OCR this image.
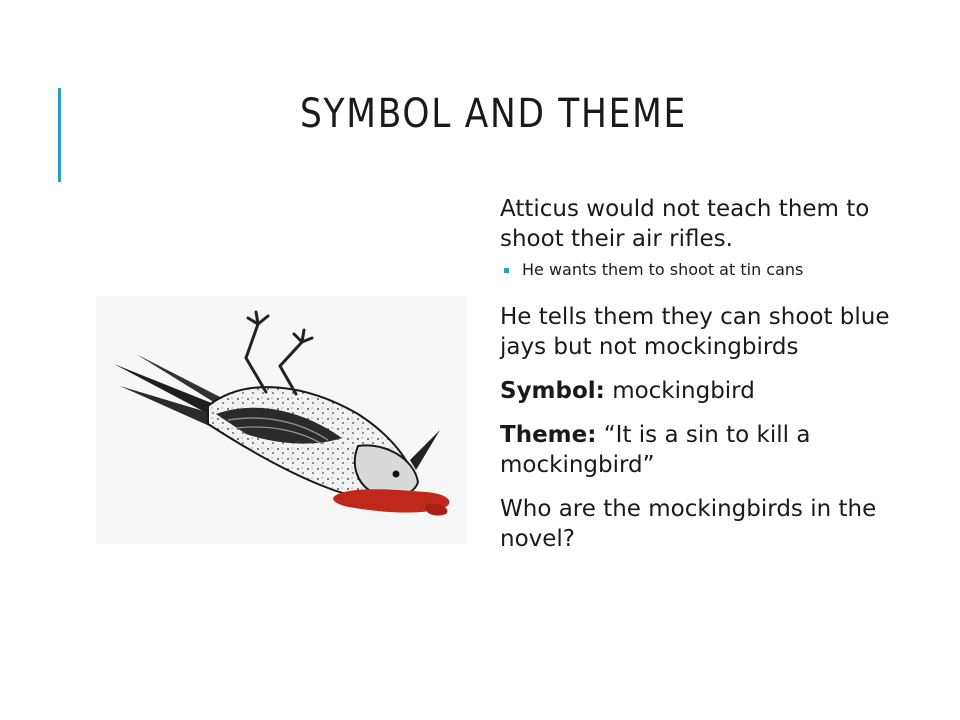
SYMBOL AND THEME
Atticus would not teach them to shoot their air rifles.
He wants them to shoot at tin cans
He tells them they can shoot blue jays but not mockingbirds
Symbol: mockingbird
Theme: “It is a sin to kill a mockingbird”
Who are the mockingbirds in the novel?
